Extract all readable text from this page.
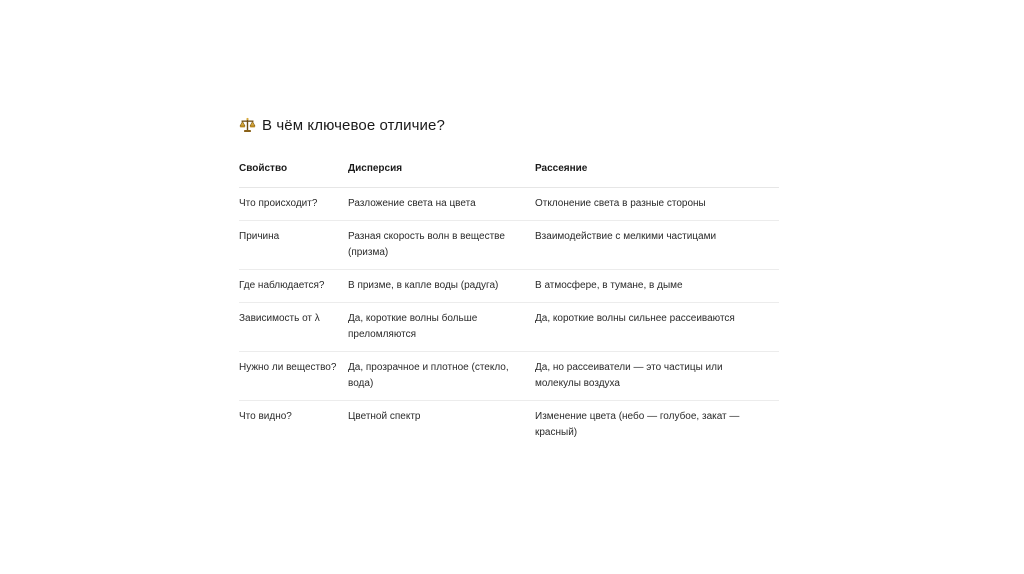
В чём ключевое отличие?
Свойство	Дисперсия	Рассеяние
Что происходит?	Разложение света на цвета	Отклонение света в разные стороны
Причина	Разная скорость волн в веществе (призма)	Взаимодействие с мелкими частицами
Где наблюдается?	В призме, в капле воды (радуга)	В атмосфере, в тумане, в дыме
Зависимость от λ	Да, короткие волны больше преломляются	Да, короткие волны сильнее рассеиваются
Нужно ли вещество?	Да, прозрачное и плотное (стекло, вода)	Да, но рассеиватели — это частицы или молекулы воздуха
Что видно?	Цветной спектр	Изменение цвета (небо — голубое, закат — красный)
